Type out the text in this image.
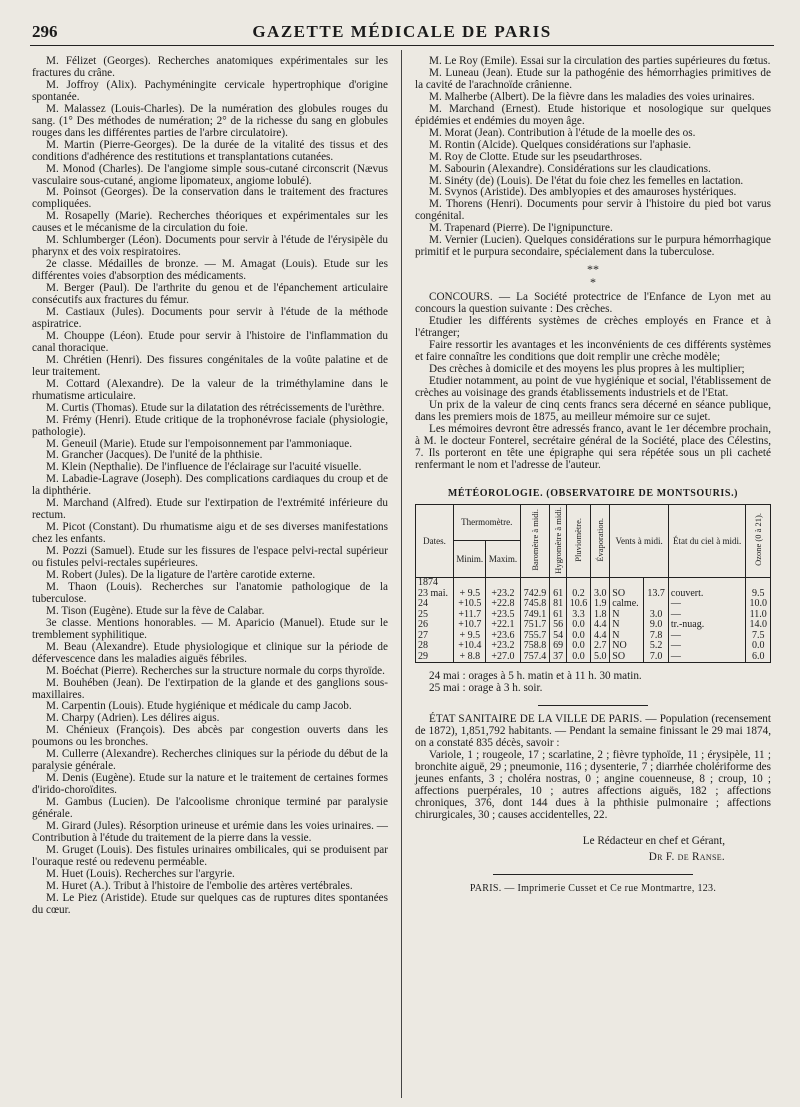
296	GAZETTE MÉDICALE DE PARIS

M. Félizet (Georges). Recherches anatomiques expérimentales sur les fractures du crâne.

M. Joffroy (Alix). Pachyméningite cervicale hypertrophique d'origine spontanée.

M. Malassez (Louis-Charles). De la numération des globules rouges du sang. (1° Des méthodes de numération; 2° de la richesse du sang en globules rouges dans les différentes parties de l'arbre circulatoire).

M. Martin (Pierre-Georges). De la durée de la vitalité des tissus et des conditions d'adhérence des restitutions et transplantations cutanées.

M. Monod (Charles). De l'angiome simple sous-cutané circonscrit (Nævus vasculaire sous-cutané, angiome lipomateux, angiome lobulé).

M. Poinsot (Georges). De la conservation dans le traitement des fractures compliquées.

M. Rosapelly (Marie). Recherches théoriques et expérimentales sur les causes et le mécanisme de la circulation du foie.

M. Schlumberger (Léon). Documents pour servir à l'étude de l'érysipèle du pharynx et des voix respiratoires.

2e classe. Médailles de bronze. — M. Amagat (Louis). Etude sur les différentes voies d'absorption des médicaments.

M. Berger (Paul). De l'arthrite du genou et de l'épanchement articulaire consécutifs aux fractures du fémur.

M. Castiaux (Jules). Documents pour servir à l'étude de la méthode aspiratrice.

M. Chouppe (Léon). Etude pour servir à l'histoire de l'inflammation du canal thoracique.

M. Chrétien (Henri). Des fissures congénitales de la voûte palatine et de leur traitement.

M. Cottard (Alexandre). De la valeur de la triméthylamine dans le rhumatisme articulaire.

M. Curtis (Thomas). Etude sur la dilatation des rétrécissements de l'urèthre.

M. Frémy (Henri). Etude critique de la trophonévrose faciale (physiologie, pathologie).

M. Geneuil (Marie). Etude sur l'empoisonnement par l'ammoniaque.

M. Grancher (Jacques). De l'unité de la phthisie.

M. Klein (Nepthalie). De l'influence de l'éclairage sur l'acuité visuelle.

M. Labadie-Lagrave (Joseph). Des complications cardiaques du croup et de la diphthérie.

M. Marchand (Alfred). Etude sur l'extirpation de l'extrémité inférieure du rectum.

M. Picot (Constant). Du rhumatisme aigu et de ses diverses manifestations chez les enfants.

M. Pozzi (Samuel). Etude sur les fissures de l'espace pelvi-rectal supérieur ou fistules pelvi-rectales supérieures.

M. Robert (Jules). De la ligature de l'artère carotide externe.

M. Thaon (Louis). Recherches sur l'anatomie pathologique de la tuberculose.

M. Tison (Eugène). Etude sur la fève de Calabar.

3e classe. Mentions honorables. — M. Aparicio (Manuel). Etude sur le tremblement syphilitique.

M. Beau (Alexandre). Etude physiologique et clinique sur la période de défervescence dans les maladies aiguës fébriles.

M. Boéchat (Pierre). Recherches sur la structure normale du corps thyroïde.

M. Bouhében (Jean). De l'extirpation de la glande et des ganglions sous-maxillaires.

M. Carpentin (Louis). Etude hygiénique et médicale du camp Jacob.

M. Charpy (Adrien). Les délires aigus.

M. Chénieux (François). Des abcès par congestion ouverts dans les poumons ou les bronches.

M. Cullerre (Alexandre). Recherches cliniques sur la période du début de la paralysie générale.

M. Denis (Eugène). Etude sur la nature et le traitement de certaines formes d'irido-choroïdites.

M. Gambus (Lucien). De l'alcoolisme chronique terminé par paralysie générale.

M. Girard (Jules). Résorption urineuse et urémie dans les voies urinaires. — Contribution à l'étude du traitement de la pierre dans la vessie.

M. Gruget (Louis). Des fistules urinaires ombilicales, qui se produisent par l'ouraque resté ou redevenu perméable.

M. Huet (Louis). Recherches sur l'argyrie.

M. Huret (A.). Tribut à l'histoire de l'embolie des artères vertébrales.

M. Le Piez (Aristide). Etude sur quelques cas de ruptures dites spontanées du cœur.

M. Le Roy (Emile). Essai sur la circulation des parties supérieures du fœtus.

M. Luneau (Jean). Etude sur la pathogénie des hémorrhagies primitives de la cavité de l'arachnoïde crânienne.

M. Malherbe (Albert). De la fièvre dans les maladies des voies urinaires.

M. Marchand (Ernest). Etude historique et nosologique sur quelques épidémies et endémies du moyen âge.

M. Morat (Jean). Contribution à l'étude de la moelle des os.

M. Rontin (Alcide). Quelques considérations sur l'aphasie.

M. Roy de Clotte. Etude sur les pseudarthroses.

M. Sabourin (Alexandre). Considérations sur les claudications.

M. Sinéty (de) (Louis). De l'état du foie chez les femelles en lactation.

M. Svynos (Aristide). Des amblyopies et des amauroses hystériques.

M. Thorens (Henri). Documents pour servir à l'histoire du pied bot varus congénital.

M. Trapenard (Pierre). De l'ignipuncture.

M. Vernier (Lucien). Quelques considérations sur le purpura hémorrhagique primitif et le purpura secondaire, spécialement dans la tuberculose.

**
*

CONCOURS. — La Société protectrice de l'Enfance de Lyon met au concours la question suivante : Des crèches.

Etudier les différents systèmes de crèches employés en France et à l'étranger;

Faire ressortir les avantages et les inconvénients de ces différents systèmes et faire connaître les conditions que doit remplir une crèche modèle;

Des crèches à domicile et des moyens les plus propres à les multiplier;

Etudier notamment, au point de vue hygiénique et social, l'établissement de crèches au voisinage des grands établissements industriels et de l'Etat.

Un prix de la valeur de cinq cents francs sera décerné en séance publique, dans les premiers mois de 1875, au meilleur mémoire sur ce sujet.

Les mémoires devront être adressés franco, avant le 1er décembre prochain, à M. le docteur Fonterel, secrétaire général de la Société, place des Célestins, 7. Ils porteront en tête une épigraphe qui sera répétée sous un pli cacheté renfermant le nom et l'adresse de l'auteur.

MÉTÉOROLOGIE. (OBSERVATOIRE DE MONTSOURIS.)
Dates.	Thermomètre.		Baromètre à midi.	Hygromètre à midi.	Pluviomètre.	Évaporation.	Vents à midi.		État du ciel à midi.	Ozone (0 à 21).
	Minim.	Maxim.								
1874										
23 mai.	+ 9.5	+23.2	742.9	61	0.2	3.0	SO	13.7	couvert.	9.5
24	+10.5	+22.8	745.8	81	10.6	1.9	calme.		—	10.0
25	+11.7	+23.5	749.1	61	3.3	1.8	N	3.0	—	11.0
26	+10.7	+22.1	751.7	56	0.0	4.4	N	9.0	tr.-nuag.	14.0
27	+ 9.5	+23.6	755.7	54	0.0	4.4	N	7.8	—	7.5
28	+10.4	+23.2	758.8	69	0.0	2.7	NO	5.2	—	0.0
29	+ 8.8	+27.0	757.4	37	0.0	5.0	SO	7.0	—	6.0
24 mai : orages à 5 h. matin et à 11 h. 30 matin.
25 mai : orage à 3 h. soir.

ÉTAT SANITAIRE DE LA VILLE DE PARIS. — Population (recensement de 1872), 1,851,792 habitants. — Pendant la semaine finissant le 29 mai 1874, on a constaté 835 décès, savoir :

Variole, 1 ; rougeole, 17 ; scarlatine, 2 ; fièvre typhoïde, 11 ; érysipèle, 11 ; bronchite aiguë, 29 ; pneumonie, 116 ; dysenterie, 7 ; diarrhée cholériforme des jeunes enfants, 3 ; choléra nostras, 0 ; angine couenneuse, 8 ; croup, 10 ; affections puerpérales, 10 ; autres affections aiguës, 182 ; affections chroniques, 376, dont 144 dues à la phthisie pulmonaire ; affections chirurgicales, 30 ; causes accidentelles, 22.

Le Rédacteur en chef et Gérant,
Dr F. de Ranse.
PARIS. — Imprimerie Cusset et Ce rue Montmartre, 123.
